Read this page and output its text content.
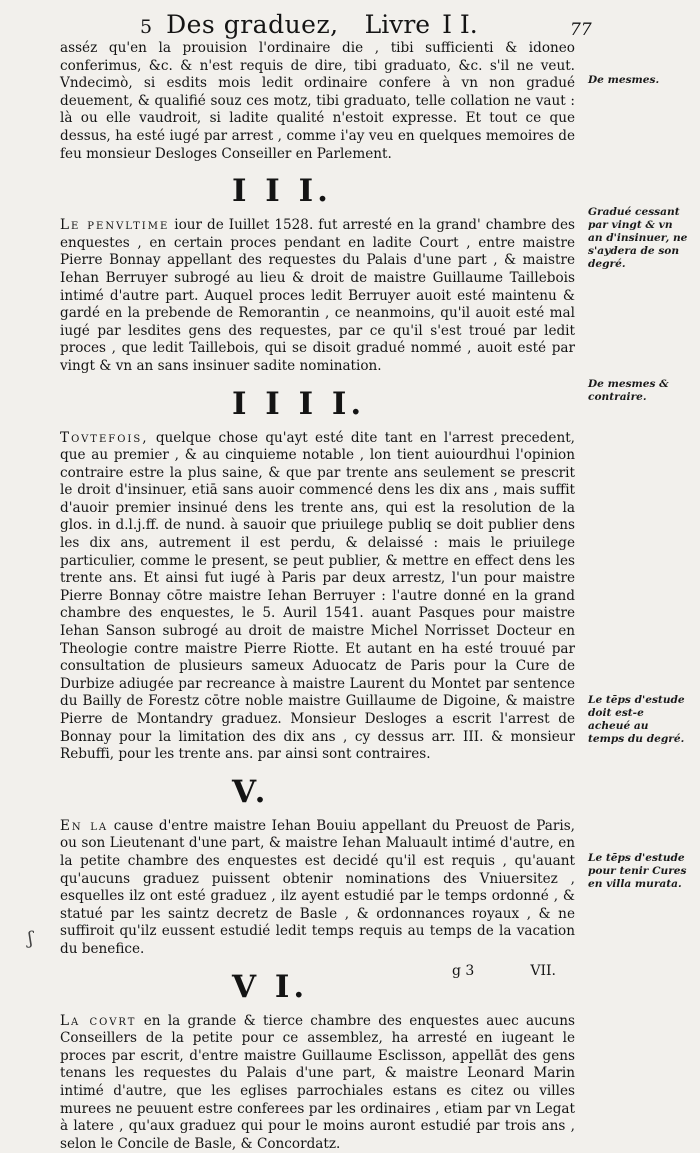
5 Des graduez, Livre I I.	77

asséz qu'en la prouision l'ordinaire die , tibi sufficienti & idoneo conferimus, &c. & n'est requis de dire, tibi graduato, &c. s'il ne veut. Vndecimò, si esdits mois ledit ordinaire confere à vn non gradué deuement, & qualifié souz ces motz, tibi graduato, telle collation ne vaut : là ou elle vaudroit, si ladite qualité n'estoit expresse. Et tout ce que dessus, ha esté iugé par arrest , comme i'ay veu en quelques memoires de feu monsieur Desloges Conseiller en Parlement.

I I I.

Le penvltime iour de Iuillet 1528. fut arresté en la grand' chambre des enquestes , en certain proces pendant en ladite Court , entre maistre Pierre Bonnay appellant des requestes du Palais d'une part , & maistre Iehan Berruyer subrogé au lieu & droit de maistre Guillaume Taillebois intimé d'autre part. Auquel proces ledit Berruyer auoit esté maintenu & gardé en la prebende de Remorantin , ce neanmoins, qu'il auoit esté mal iugé par lesdites gens des requestes, par ce qu'il s'est troué par ledit proces , que ledit Taillebois, qui se disoit gradué nommé , auoit esté par vingt & vn an sans insinuer sadite nomination.

I I I I.

Tovtefois, quelque chose qu'ayt esté dite tant en l'arrest precedent, que au premier , & au cinquieme notable , lon tient auiourdhui l'opinion contraire estre la plus saine, & que par trente ans seulement se prescrit le droit d'insinuer, etiā sans auoir commencé dens les dix ans , mais suffit d'auoir premier insinué dens les trente ans, qui est la resolution de la glos. in d.l.j.ff. de nund. à sauoir que priuilege publiq se doit publier dens les dix ans, autrement il est perdu, & delaissé : mais le priuilege particulier, comme le present, se peut publier, & mettre en effect dens les trente ans. Et ainsi fut iugé à Paris par deux arrestz, l'un pour maistre Pierre Bonnay cōtre maistre Iehan Berruyer : l'autre donné en la grand chambre des enquestes, le 5. Auril 1541. auant Pasques pour maistre Iehan Sanson subrogé au droit de maistre Michel Norrisset Docteur en Theologie contre maistre Pierre Riotte. Et autant en ha esté trouué par consultation de plusieurs sameux Aduocatz de Paris pour la Cure de Durbize adiugée par recreance à maistre Laurent du Montet par sentence du Bailly de Forestz cōtre noble maistre Guillaume de Digoine, & maistre Pierre de Montandry graduez. Monsieur Desloges a escrit l'arrest de Bonnay pour la limitation des dix ans , cy dessus arr. III. & monsieur Rebuffi, pour les trente ans. par ainsi sont contraires.

V.

En la cause d'entre maistre Iehan Bouiu appellant du Preuost de Paris, ou son Lieutenant d'une part, & maistre Iehan Maluault intimé d'autre, en la petite chambre des enquestes est decidé qu'il est requis , qu'auant qu'aucuns graduez puissent obtenir nominations des Vniuersitez , esquelles ilz ont esté graduez , ilz ayent estudié par le temps ordonné , & statué par les saintz decretz de Basle , & ordonnances royaux , & ne suffiroit qu'ilz eussent estudié ledit temps requis au temps de la vacation du benefice.

V I.

La covrt en la grande & tierce chambre des enquestes auec aucuns Conseillers de la petite pour ce assemblez, ha arresté en iugeant le proces par escrit, d'entre maistre Guillaume Esclisson, appellāt des gens tenans les requestes du Palais d'une part, & maistre Leonard Marin intimé d'autre, que les eglises parrochiales estans es citez ou villes murees ne peuuent estre conferees par les ordinaires , etiam par vn Legat à latere , qu'aux graduez qui pour le moins auront estudié par trois ans , selon le Concile de Basle, & Concordatz.

De mesmes.
Gradué cessant par vingt & vn an d'insinuer, ne s'aydera de son degré.
De mesmes & contraire.
Le tēps d'estude doit est-e acheué au temps du degré.
Le tēps d'estude pour tenir Cures en villa murata.
ʃ
g 3	VII.
